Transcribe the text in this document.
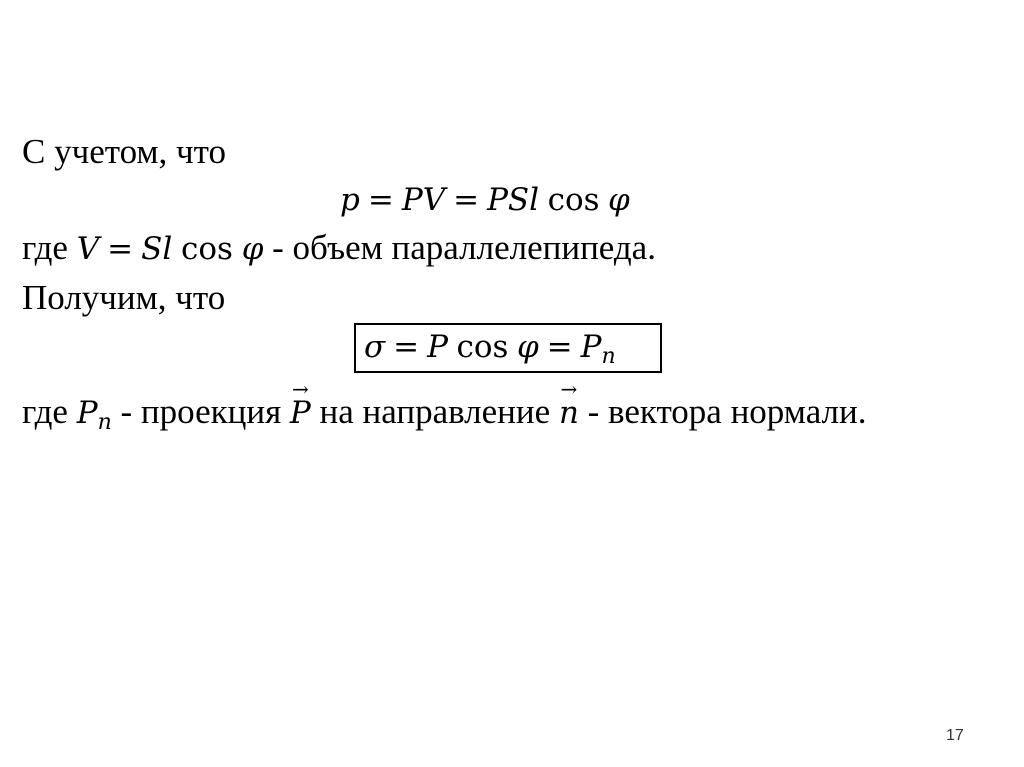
С учетом, что
p = PV = PSl cos φ
где V = Sl cos φ - объем параллелепипеда.
Получим, что
σ = P $\cos \varphi = P_n$
где $P_n$ - проекция
→
P на направление
→
n - вектора нормали.
17
